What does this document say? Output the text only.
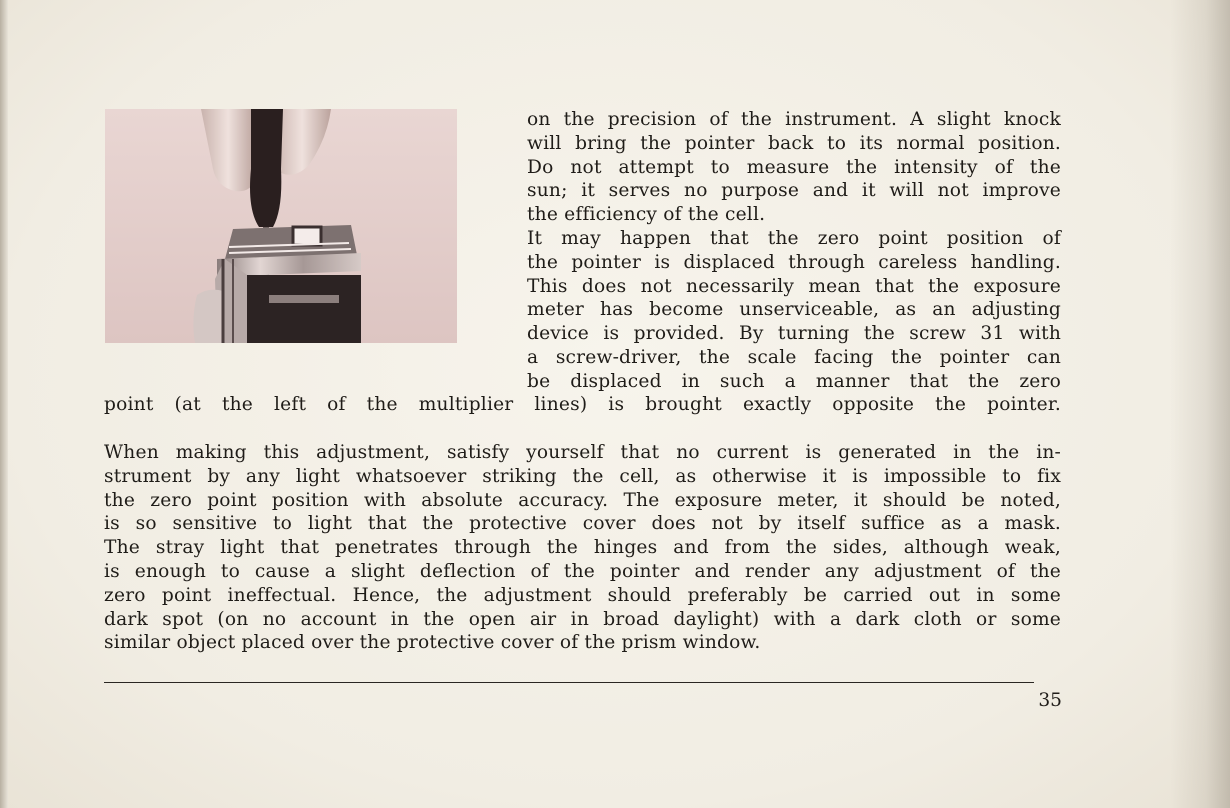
on the precision of the instrument. A slight knock
will bring the pointer back to its normal position.
Do not attempt to measure the intensity of the
sun; it serves no purpose and it will not improve
the efficiency of the cell.
It may happen that the zero point position of
the pointer is displaced through careless handling.
This does not necessarily mean that the exposure
meter has become unserviceable, as an adjusting
device is provided. By turning the screw 31 with
a screw-driver, the scale facing the pointer can
be displaced in such a manner that the zero
point (at the left of the multiplier lines) is brought exactly opposite the pointer.
When making this adjustment, satisfy yourself that no current is generated in the in-
strument by any light whatsoever striking the cell, as otherwise it is impossible to fix
the zero point position with absolute accuracy. The exposure meter, it should be noted,
is so sensitive to light that the protective cover does not by itself suffice as a mask.
The stray light that penetrates through the hinges and from the sides, although weak,
is enough to cause a slight deflection of the pointer and render any adjustment of the
zero point ineffectual. Hence, the adjustment should preferably be carried out in some
dark spot (on no account in the open air in broad daylight) with a dark cloth or some
similar object placed over the protective cover of the prism window.
35
